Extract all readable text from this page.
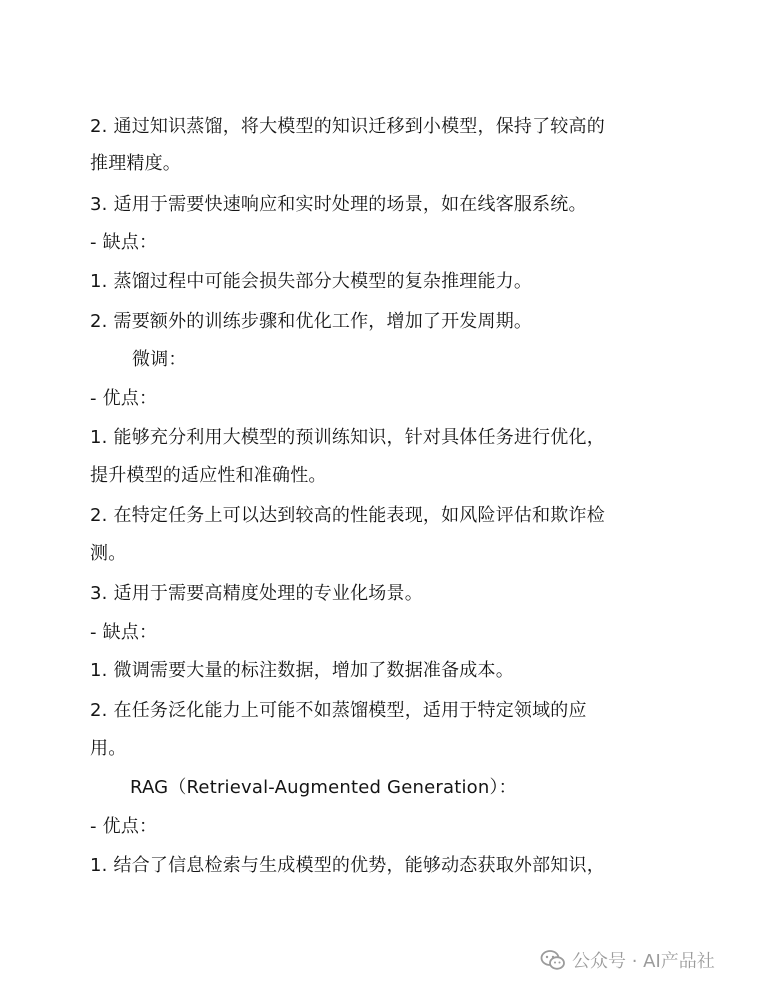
2. 通过知识蒸馏，将大模型的知识迁移到小模型，保持了较高的
推理精度。
3. 适用于需要快速响应和实时处理的场景，如在线客服系统。
- 缺点：
1. 蒸馏过程中可能会损失部分大模型的复杂推理能力。
2. 需要额外的训练步骤和优化工作，增加了开发周期。
微调：
- 优点：
1. 能够充分利用大模型的预训练知识，针对具体任务进行优化，
提升模型的适应性和准确性。
2. 在特定任务上可以达到较高的性能表现，如风险评估和欺诈检
测。
3. 适用于需要高精度处理的专业化场景。
- 缺点：
1. 微调需要大量的标注数据，增加了数据准备成本。
2. 在任务泛化能力上可能不如蒸馏模型，适用于特定领域的应
用。
RAG（Retrieval-Augmented Generation）：
- 优点：
1. 结合了信息检索与生成模型的优势，能够动态获取外部知识，
公众号 · AI产品社
